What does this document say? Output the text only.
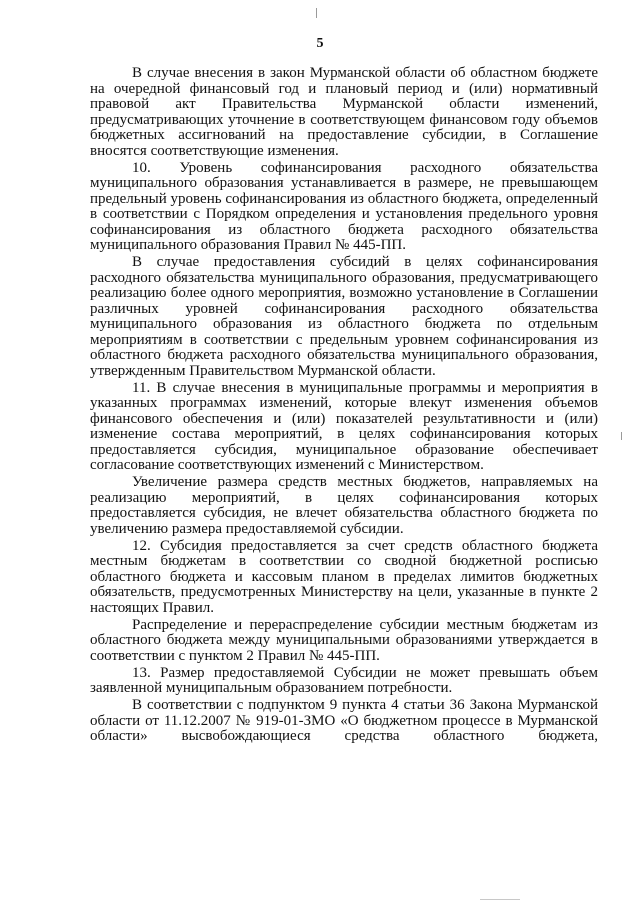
5

В случае внесения в закон Мурманской области об областном бюджете на очередной финансовый год и плановый период и (или) нормативный правовой акт Правительства Мурманской области изменений, предусматривающих уточнение в соответствующем финансовом году объемов бюджетных ассигнований на предоставление субсидии, в Соглашение вносятся соответствующие изменения.

10. Уровень софинансирования расходного обязательства муниципального образования устанавливается в размере, не превышающем предельный уровень софинансирования из областного бюджета, определенный в соответствии с Порядком определения и установления предельного уровня софинансирования из областного бюджета расходного обязательства муниципального образования Правил № 445-ПП.

В случае предоставления субсидий в целях софинансирования расходного обязательства муниципального образования, предусматривающего реализацию более одного мероприятия, возможно установление в Соглашении различных уровней софинансирования расходного обязательства муниципального образования из областного бюджета по отдельным мероприятиям в соответствии с предельным уровнем софинансирования из областного бюджета расходного обязательства муниципального образования, утвержденным Правительством Мурманской области.

11. В случае внесения в муниципальные программы и мероприятия в указанных программах изменений, которые влекут изменения объемов финансового обеспечения и (или) показателей результативности и (или) изменение состава мероприятий, в целях софинансирования которых предоставляется субсидия, муниципальное образование обеспечивает согласование соответствующих изменений с Министерством.

Увеличение размера средств местных бюджетов, направляемых на реализацию мероприятий, в целях софинансирования которых предоставляется субсидия, не влечет обязательства областного бюджета по увеличению размера предоставляемой субсидии.

12. Субсидия предоставляется за счет средств областного бюджета местным бюджетам в соответствии со сводной бюджетной росписью областного бюджета и кассовым планом в пределах лимитов бюджетных обязательств, предусмотренных Министерству на цели, указанные в пункте 2 настоящих Правил.

Распределение и перераспределение субсидии местным бюджетам из областного бюджета между муниципальными образованиями утверждается в соответствии с пунктом 2 Правил № 445-ПП.

13. Размер предоставляемой Субсидии не может превышать объем заявленной муниципальным образованием потребности.

В соответствии с подпунктом 9 пункта 4 статьи 36 Закона Мурманской области от 11.12.2007 № 919-01-ЗМО «О бюджетном процессе в Мурманской области» высвобождающиеся средства областного бюджета,
